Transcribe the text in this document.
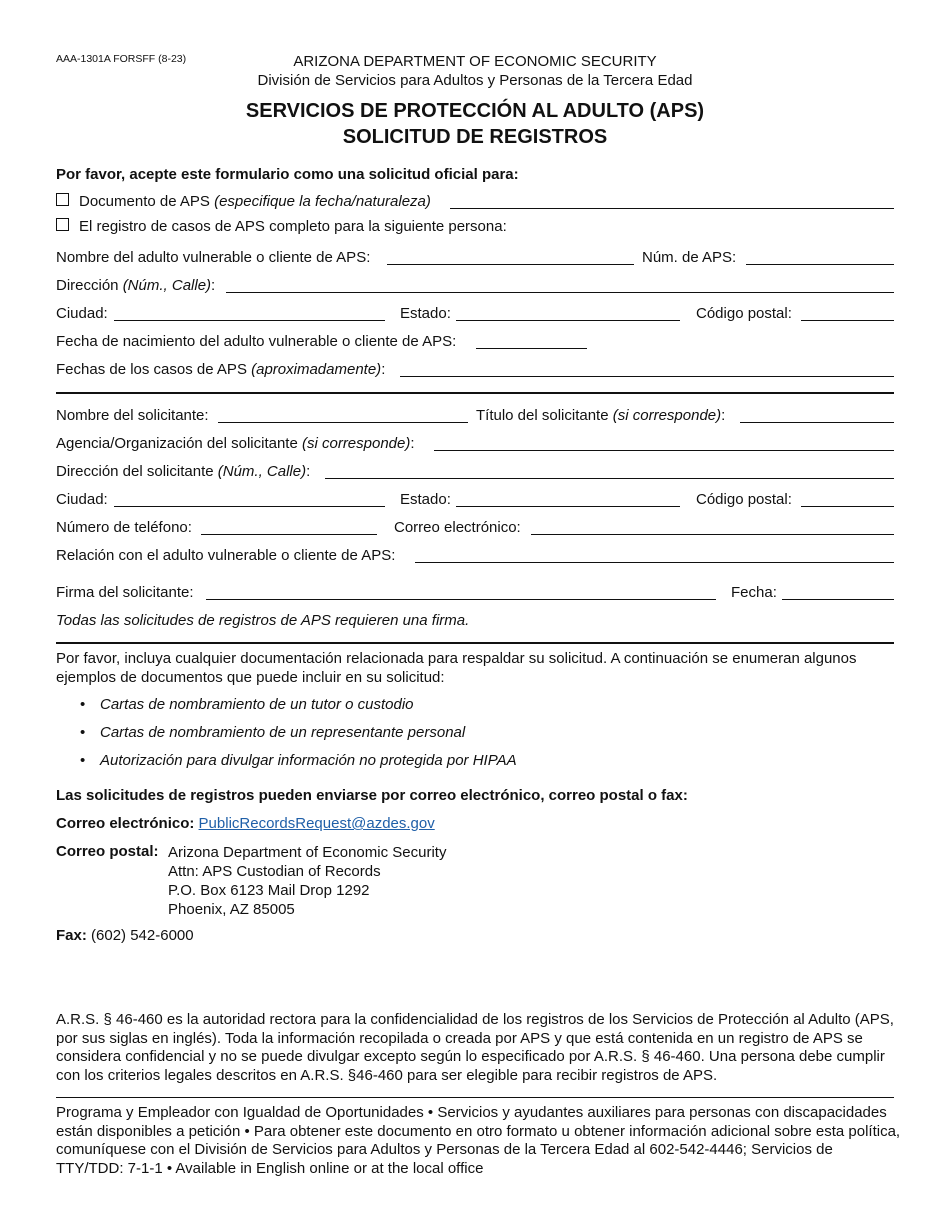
AAA-1301A FORSFF (8-23)	ARIZONA DEPARTMENT OF ECONOMIC SECURITY
División de Servicios para Adultos y Personas de la Tercera Edad
SERVICIOS DE PROTECCIÓN AL ADULTO (APS)
SOLICITUD DE REGISTROS
Por favor, acepte este formulario como una solicitud oficial para:
Documento de APS (especifique la fecha/naturaleza)
El registro de casos de APS completo para la siguiente persona:
Nombre del adulto vulnerable o cliente de APS:	Núm. de APS:
Dirección (Núm., Calle):
Ciudad:	Estado:	Código postal:
Fecha de nacimiento del adulto vulnerable o cliente de APS:
Fechas de los casos de APS (aproximadamente):
Nombre del solicitante:	Título del solicitante (si corresponde):
Agencia/Organización del solicitante (si corresponde):
Dirección del solicitante (Núm., Calle):
Ciudad:	Estado:	Código postal:
Número de teléfono:	Correo electrónico:
Relación con el adulto vulnerable o cliente de APS:
Firma del solicitante:	Fecha:
Todas las solicitudes de registros de APS requieren una firma.
Por favor, incluya cualquier documentación relacionada para respaldar su solicitud. A continuación se enumeran algunos ejemplos de documentos que puede incluir en su solicitud:
• Cartas de nombramiento de un tutor o custodio
• Cartas de nombramiento de un representante personal
• Autorización para divulgar información no protegida por HIPAA
Las solicitudes de registros pueden enviarse por correo electrónico, correo postal o fax:
Correo electrónico: PublicRecordsRequest@azdes.gov
Correo postal: Arizona Department of Economic Security
Attn: APS Custodian of Records
P.O. Box 6123 Mail Drop 1292
Phoenix, AZ 85005
Fax: (602) 542-6000
A.R.S. § 46-460 es la autoridad rectora para la confidencialidad de los registros de los Servicios de Protección al Adulto (APS, por sus siglas en inglés). Toda la información recopilada o creada por APS y que está contenida en un registro de APS se considera confidencial y no se puede divulgar excepto según lo especificado por A.R.S. § 46-460. Una persona debe cumplir con los criterios legales descritos en A.R.S. §46-460 para ser elegible para recibir registros de APS.
Programa y Empleador con Igualdad de Oportunidades • Servicios y ayudantes auxiliares para personas con discapacidades están disponibles a petición • Para obtener este documento en otro formato u obtener información adicional sobre esta política, comuníquese con el División de Servicios para Adultos y Personas de la Tercera Edad al 602-542-4446; Servicios de TTY/TDD: 7-1-1 • Available in English online or at the local office
